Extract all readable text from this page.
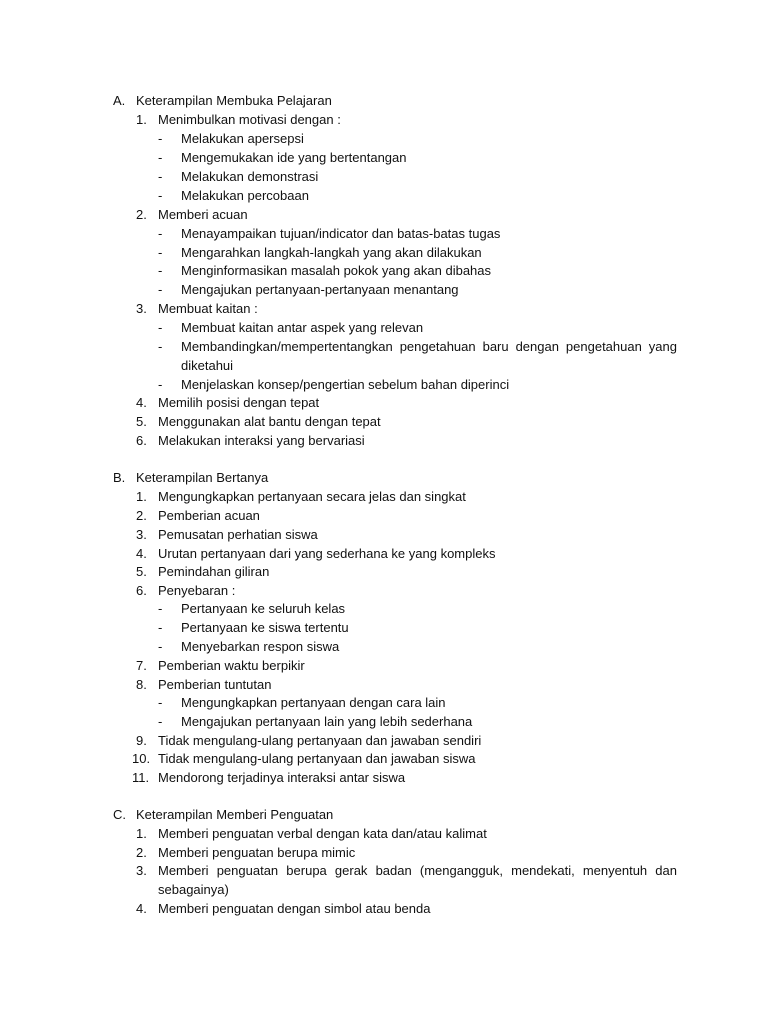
A. Keterampilan Membuka Pelajaran
1. Menimbulkan motivasi dengan :
- Melakukan apersepsi
- Mengemukakan ide yang bertentangan
- Melakukan demonstrasi
- Melakukan percobaan
2. Memberi acuan
- Menayampaikan tujuan/indicator dan batas-batas tugas
- Mengarahkan langkah-langkah yang akan dilakukan
- Menginformasikan masalah pokok yang akan dibahas
- Mengajukan pertanyaan-pertanyaan menantang
3. Membuat kaitan :
- Membuat kaitan antar aspek yang relevan
- Membandingkan/mempertentangkan pengetahuan baru dengan pengetahuan yang
diketahui
- Menjelaskan konsep/pengertian sebelum bahan diperinci
4. Memilih posisi dengan tepat
5. Menggunakan alat bantu dengan tepat
6. Melakukan interaksi yang bervariasi
B. Keterampilan Bertanya
1. Mengungkapkan pertanyaan secara jelas dan singkat
2. Pemberian acuan
3. Pemusatan perhatian siswa
4. Urutan pertanyaan dari yang sederhana ke yang kompleks
5. Pemindahan giliran
6. Penyebaran :
- Pertanyaan ke seluruh kelas
- Pertanyaan ke siswa tertentu
- Menyebarkan respon siswa
7. Pemberian waktu berpikir
8. Pemberian tuntutan
- Mengungkapkan pertanyaan dengan cara lain
- Mengajukan pertanyaan lain yang lebih sederhana
9. Tidak mengulang-ulang pertanyaan dan jawaban sendiri
10. Tidak mengulang-ulang pertanyaan dan jawaban siswa
11. Mendorong terjadinya interaksi antar siswa
C. Keterampilan Memberi Penguatan
1. Memberi penguatan verbal dengan kata dan/atau kalimat
2. Memberi penguatan berupa mimic
3. Memberi penguatan berupa gerak badan (mengangguk, mendekati, menyentuh dan
sebagainya)
4. Memberi penguatan dengan simbol atau benda
